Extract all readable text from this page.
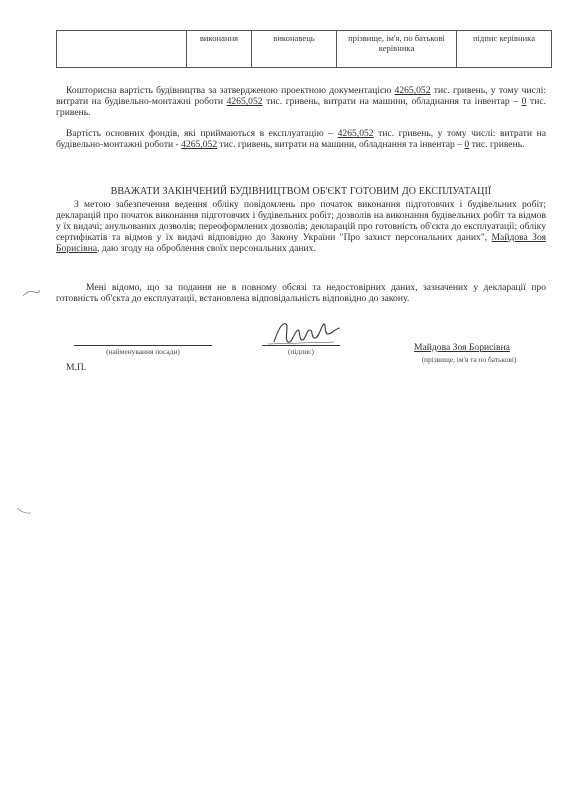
	виконання	виконавець	прізвище, ім'я, по батькові керівника	підпис керівника

Кошторисна вартість будівництва за затвердженою проектною документацією 4265,052 тис. гривень, у тому числі: витрати на будівельно-монтажні роботи 4265,052 тис. гривень, витрати на машини, обладнання та інвентар – 0 тис. гривень.

Вартість основних фондів, які приймаються в експлуатацію – 4265,052 тис. гривень, у тому числі: витрати на будівельно-монтажні роботи - 4265,052 тис. гривень, витрати на машини, обладнання та інвентар – 0 тис. гривень.

ВВАЖАТИ ЗАКІНЧЕНИЙ БУДІВНИЦТВОМ ОБ'ЄКТ ГОТОВИМ ДО ЕКСПЛУАТАЦІЇ

З метою забезпечення ведення обліку повідомлень про початок виконання підготовчих і будівельних робіт; декларацій про початок виконання підготовчих і будівельних робіт; дозволів на виконання будівельних робіт та відмов у їх видачі; анульованих дозволів; переоформлених дозволів; декларацій про готовність об'єкта до експлуатації; обліку сертифікатів та відмов у їх видачі відповідно до Закону України "Про захист персональних даних", Майдова Зоя Борисівна, даю згоду на оброблення своїх персональних даних.

Мені відомо, що за подання не в повному обсязі та недостовірних даних, зазначених у декларації про готовність об'єкта до експлуатації, встановлена відповідальність відповідно до закону.

(найменування посади)	(підпис)	Майдова Зоя Борисівна
(прізвище, ім'я та по батькові)
М.П.
